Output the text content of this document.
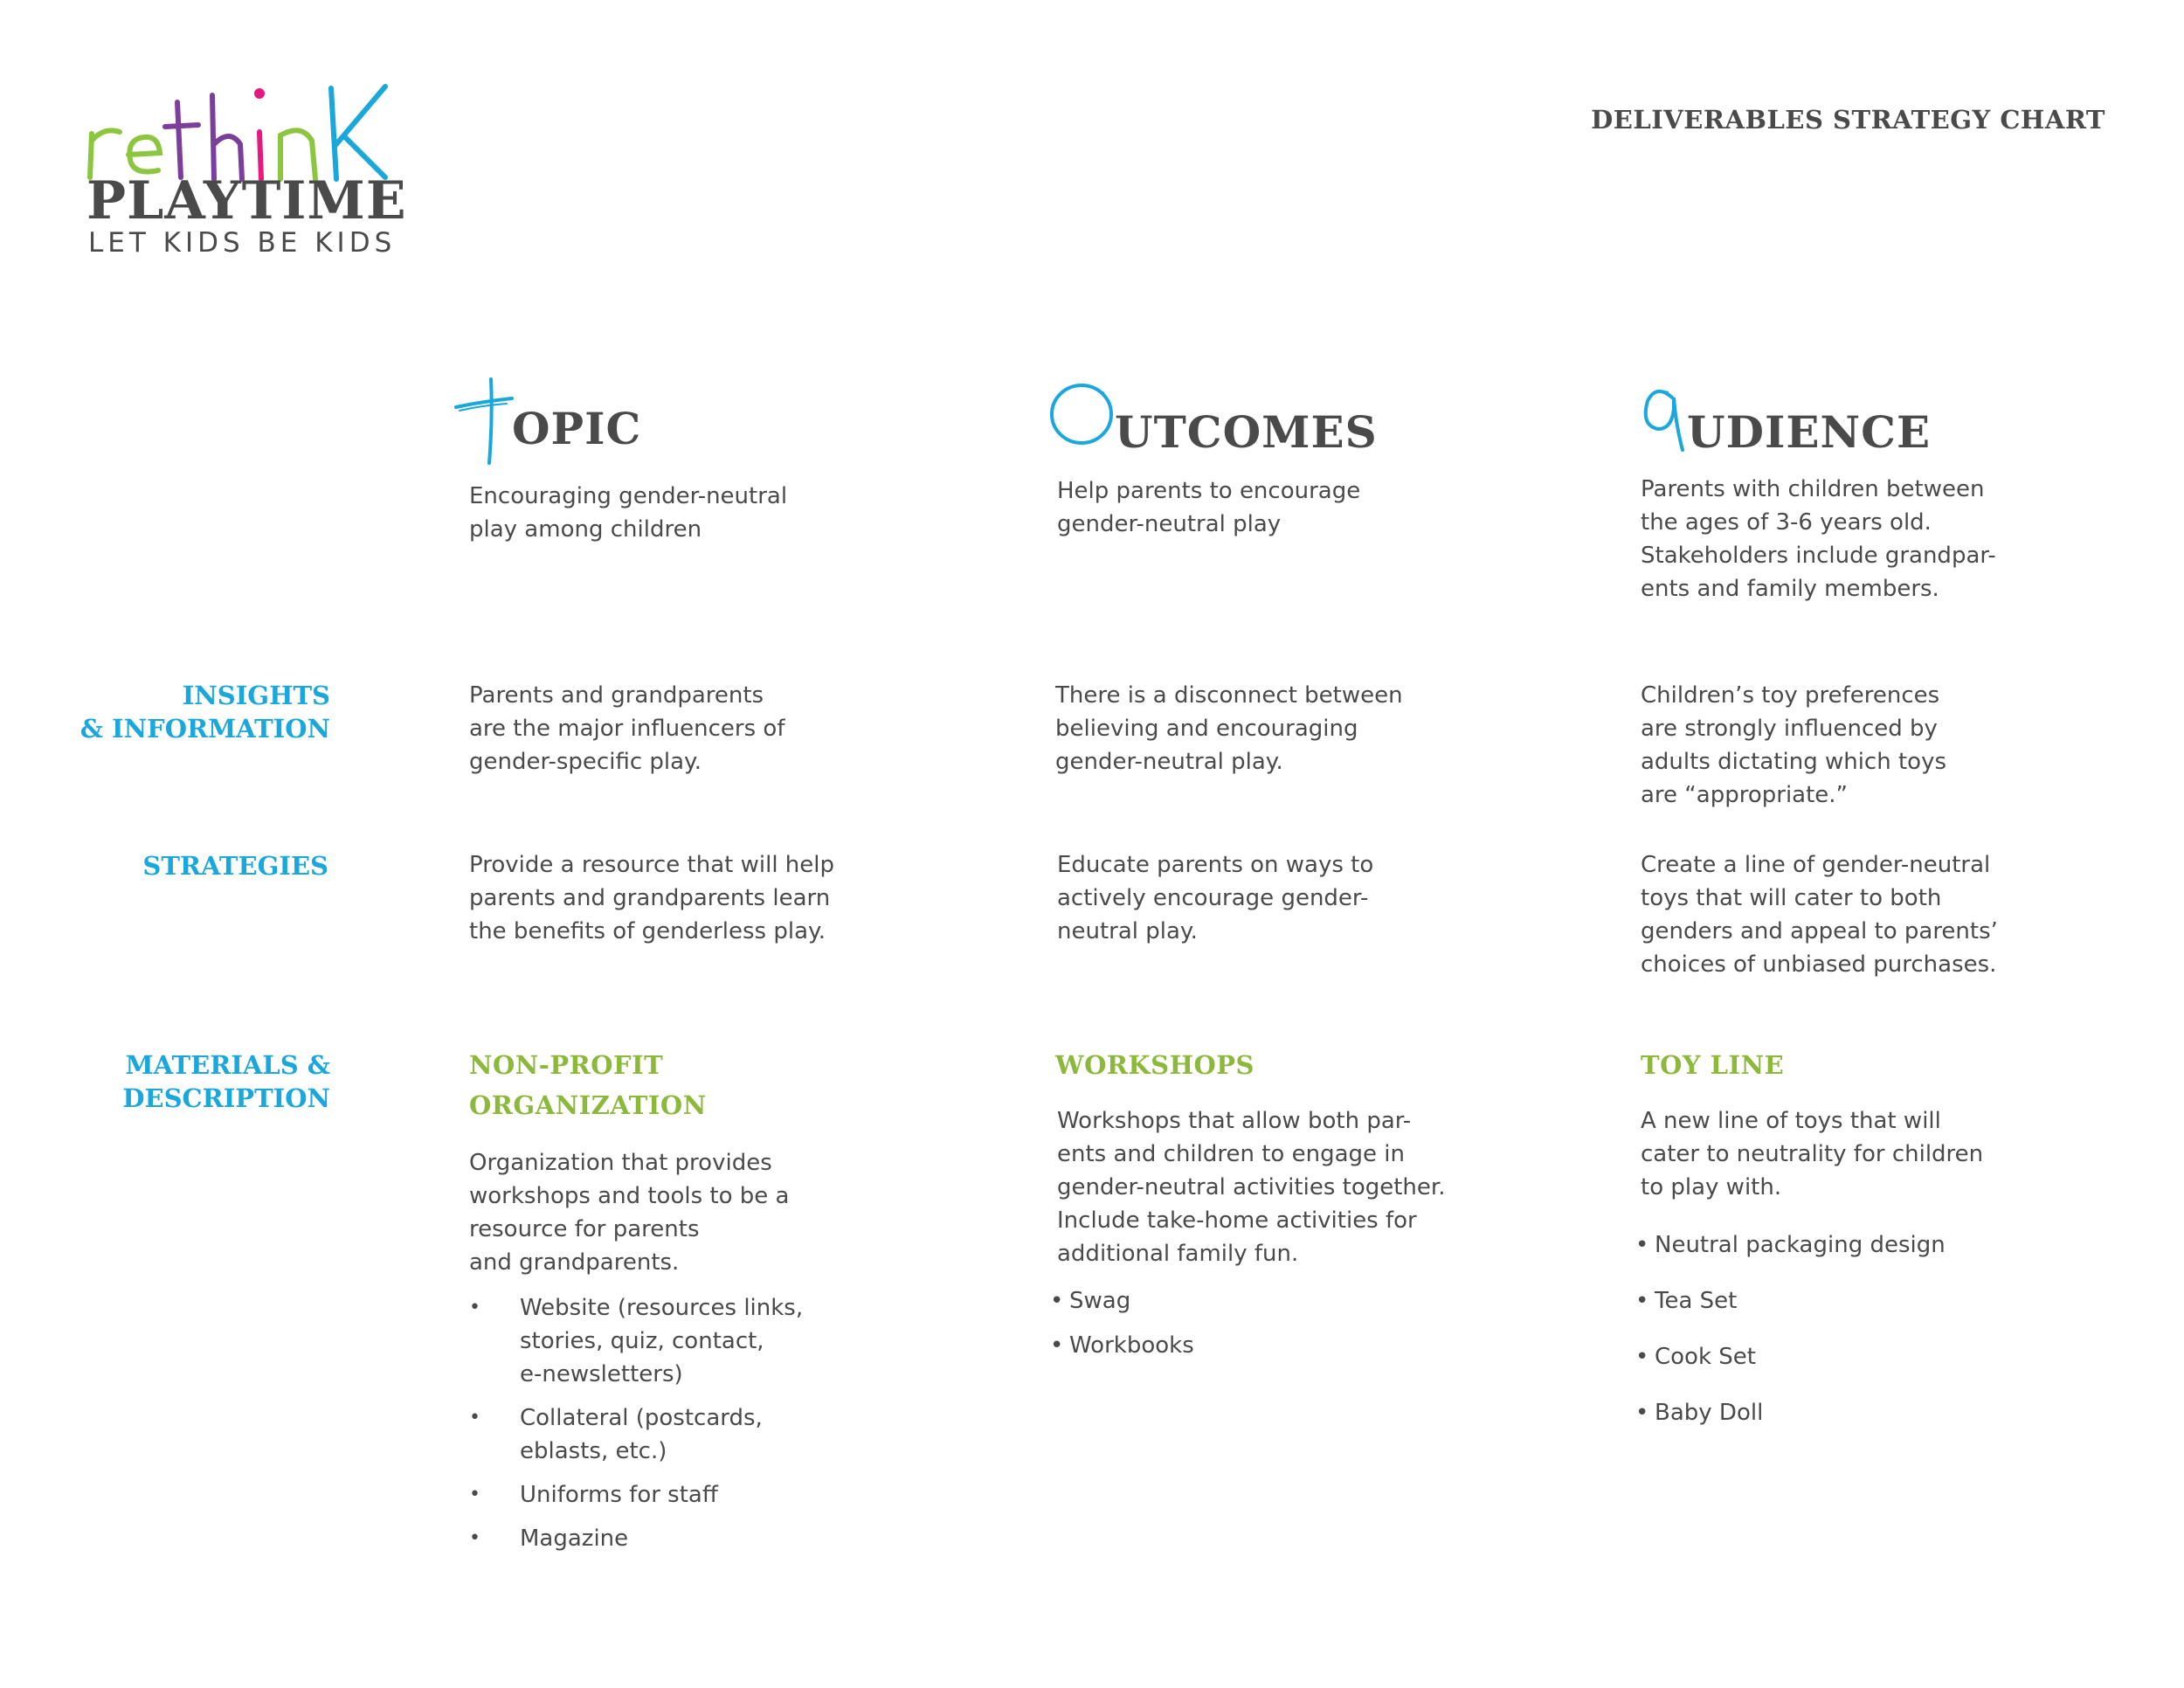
PLAYTIME
LET KIDS BE KIDS
DELIVERABLES STRATEGY CHART
OPIC	UTCOMES	UDIENCE
Encouraging gender-neutral
play among children
Help parents to encourage
gender-neutral play
Parents with children between
the ages of 3-6 years old.
Stakeholders include grandpar-
ents and family members.
INSIGHTS
& INFORMATION
STRATEGIES
MATERIALS &
DESCRIPTION
Parents and grandparents
are the major influencers of
gender-specific play.
There is a disconnect between
believing and encouraging
gender-neutral play.
Children’s toy preferences
are strongly influenced by
adults dictating which toys
are “appropriate.”
Provide a resource that will help
parents and grandparents learn
the benefits of genderless play.
Educate parents on ways to
actively encourage gender-
neutral play.
Create a line of gender-neutral
toys that will cater to both
genders and appeal to parents’
choices of unbiased purchases.
NON-PROFIT
ORGANIZATION
Organization that provides
workshops and tools to be a
resource for parents
and grandparents.
• Website (resources links,
stories, quiz, contact,
e-newsletters)
• Collateral (postcards,
eblasts, etc.)
• Uniforms for staff
• Magazine
WORKSHOPS
Workshops that allow both par-
ents and children to engage in
gender-neutral activities together.
Include take-home activities for
additional family fun.
• Swag
• Workbooks
TOY LINE
A new line of toys that will
cater to neutrality for children
to play with.
• Neutral packaging design
• Tea Set
• Cook Set
• Baby Doll
